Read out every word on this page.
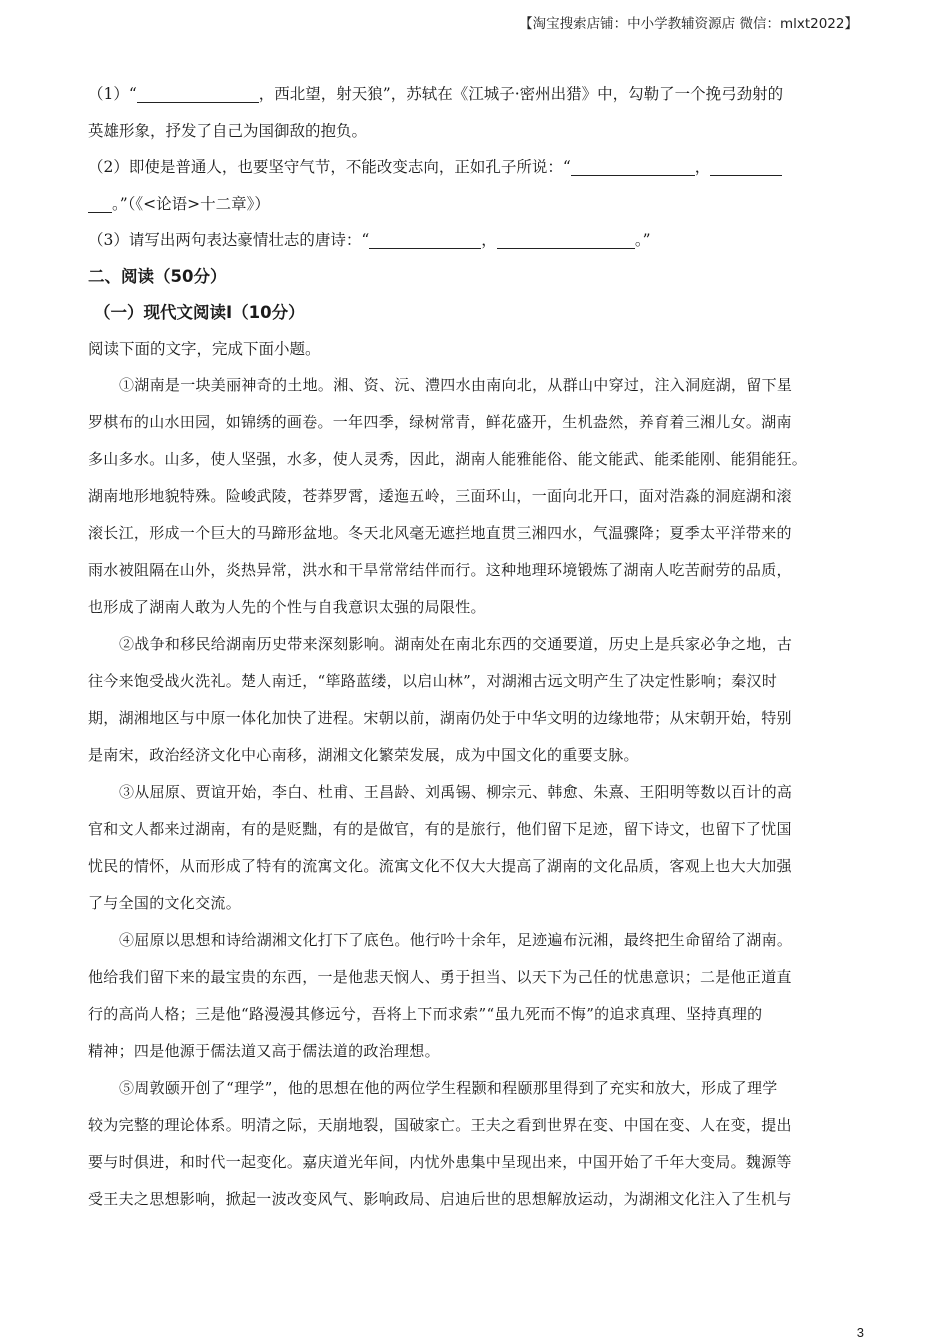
【淘宝搜索店铺：中小学教辅资源店 微信：mlxt2022】
（1）“	，西北望，射天狼”，苏轼在《江城子·密州出猎》中，勾勒了一个挽弓劲射的
英雄形象，抒发了自己为国御敌的抱负。
（2）即使是普通人，也要坚守气节，不能改变志向，正如孔子所说：“	，
。”（《<论语>十二章》）
（3）请写出两句表达豪情壮志的唐诗：“	，	。”
二、阅读（50分）
（一）现代文阅读Ⅰ（10分）
阅读下面的文字，完成下面小题。
①湖南是一块美丽神奇的土地。湘、资、沅、澧四水由南向北，从群山中穿过，注入洞庭湖，留下星
罗棋布的山水田园，如锦绣的画卷。一年四季，绿树常青，鲜花盛开，生机盎然，养育着三湘儿女。湖南
多山多水。山多，使人坚强，水多，使人灵秀，因此，湖南人能雅能俗、能文能武、能柔能刚、能狷能狂。
湖南地形地貌特殊。险峻武陵，苍莽罗霄，逶迤五岭，三面环山，一面向北开口，面对浩淼的洞庭湖和滚
滚长江，形成一个巨大的马蹄形盆地。冬天北风毫无遮拦地直贯三湘四水，气温骤降；夏季太平洋带来的
雨水被阻隔在山外，炎热异常，洪水和干旱常常结伴而行。这种地理环境锻炼了湖南人吃苦耐劳的品质，
也形成了湖南人敢为人先的个性与自我意识太强的局限性。
②战争和移民给湖南历史带来深刻影响。湖南处在南北东西的交通要道，历史上是兵家必争之地，古
往今来饱受战火洗礼。楚人南迁，“筚路蓝缕，以启山林”，对湖湘古远文明产生了决定性影响；秦汉时
期，湖湘地区与中原一体化加快了进程。宋朝以前，湖南仍处于中华文明的边缘地带；从宋朝开始，特别
是南宋，政治经济文化中心南移，湖湘文化繁荣发展，成为中国文化的重要支脉。
③从屈原、贾谊开始，李白、杜甫、王昌龄、刘禹锡、柳宗元、韩愈、朱熹、王阳明等数以百计的高
官和文人都来过湖南，有的是贬黜，有的是做官，有的是旅行，他们留下足迹，留下诗文，也留下了忧国
忧民的情怀，从而形成了特有的流寓文化。流寓文化不仅大大提高了湖南的文化品质，客观上也大大加强
了与全国的文化交流。
④屈原以思想和诗给湖湘文化打下了底色。他行吟十余年，足迹遍布沅湘，最终把生命留给了湖南。
他给我们留下来的最宝贵的东西，一是他悲天悯人、勇于担当、以天下为己任的忧患意识；二是他正道直
行的高尚人格；三是他“路漫漫其修远兮，吾将上下而求索”“虽九死而不悔”的追求真理、坚持真理的
精神；四是他源于儒法道又高于儒法道的政治理想。
⑤周敦颐开创了“理学”，他的思想在他的两位学生程颢和程颐那里得到了充实和放大，形成了理学
较为完整的理论体系。明清之际，天崩地裂，国破家亡。王夫之看到世界在变、中国在变、人在变，提出
要与时俱进，和时代一起变化。嘉庆道光年间，内忧外患集中呈现出来，中国开始了千年大变局。魏源等
受王夫之思想影响，掀起一波改变风气、影响政局、启迪后世的思想解放运动，为湖湘文化注入了生机与
3
